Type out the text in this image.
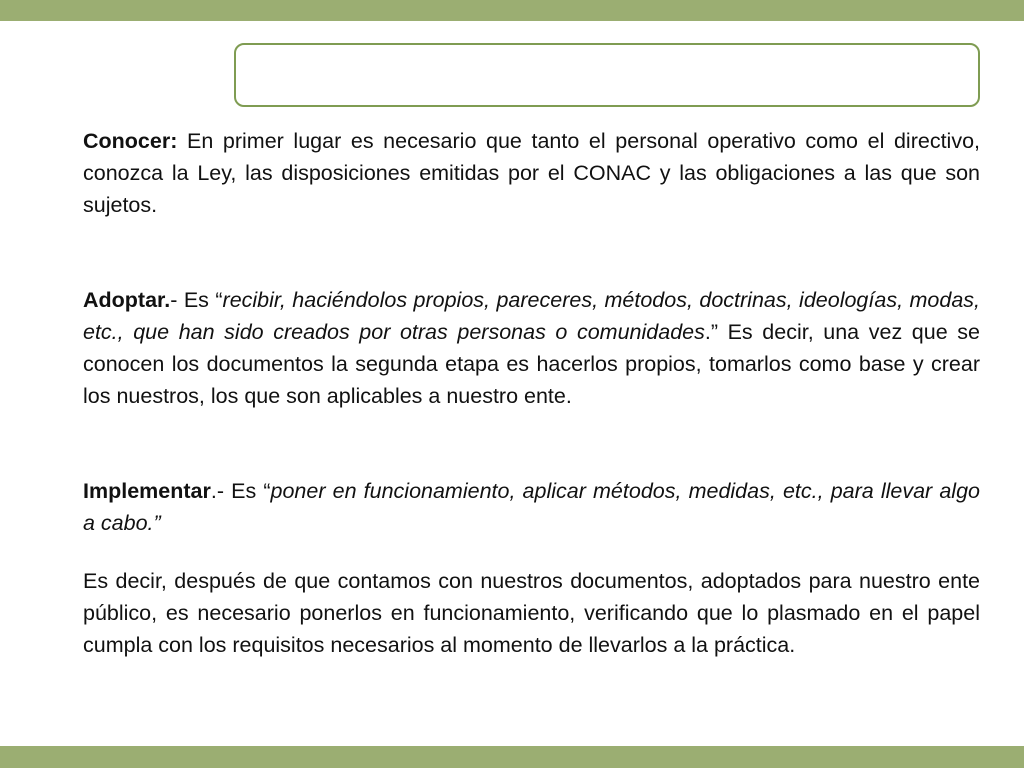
Conocer: En primer lugar es necesario que tanto el personal operativo como el directivo, conozca la Ley, las disposiciones emitidas por el CONAC y las obligaciones a las que son sujetos.

Adoptar.- Es “recibir, haciéndolos propios, pareceres, métodos, doctrinas, ideologías, modas, etc., que han sido creados por otras personas o comunidades.” Es decir, una vez que se conocen los documentos la segunda etapa es hacerlos propios, tomarlos como base y crear los nuestros, los que son aplicables a nuestro ente.

Implementar.- Es “poner en funcionamiento, aplicar métodos, medidas, etc., para llevar algo a cabo.”

Es decir, después de que contamos con nuestros documentos, adoptados para nuestro ente público, es necesario ponerlos en funcionamiento, verificando que lo plasmado en el papel cumpla con los requisitos necesarios al momento de llevarlos a la práctica.
